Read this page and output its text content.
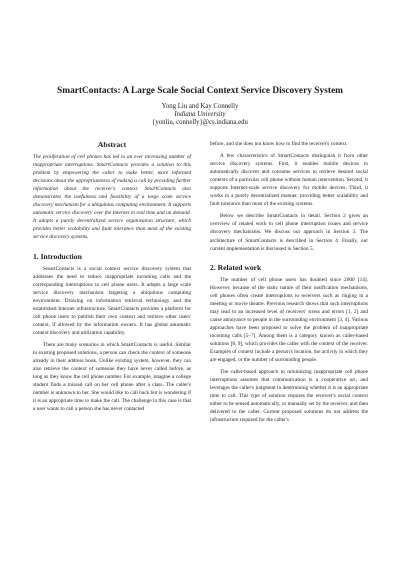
SmartContacts: A Large Scale Social Context Service Discovery System
Yong Liu and Kay Connelly
Indiana University
{yonliu, connelly}@cs.indiana.edu
Abstract
The proliferation of cell phones has led to an ever increasing number of inappropriate interruptions. SmartContacts provides a solution to this problem by empowering the caller to make better, more informed decisions about the appropriateness of making a call by providing further information about the receiver's context. SmartContacts also demonstrates the usefulness and feasibility of a large scale service discovery mechanism for a ubiquitous computing environment. It supports automatic service discovery over the Internet in real time and on demand. It adopts a purely decentralized service organization structure, which provides better scalability and fault tolerance than most of the existing service discovery systems.
1. Introduction
SmartContacts is a social context service discovery system that addresses the need to reduce inappropriate incoming calls and the corresponding interruptions to cell phone users. It adopts a large scale service discovery mechanism targeting a ubiquitous computing environment. Drawing on information retrieval technology and the established Internet infrastructure, SmartContacts provides a platform for cell phone users to publish their own context and retrieve other users' context, if allowed by the information owners. It has global automatic context discovery and utilization capability.
There are many scenarios in which SmartContacts is useful. Similar to existing proposed solutions, a person can check the context of someone already in their address book. Unlike existing system, however, they can also retrieve the context of someone they have never called before, as long as they know the cell phone number. For example, imagine a college student finds a missed call on her cell phone after a class. The caller's number is unknown to her. She would like to call back but is wondering if it is an appropriate time to make the call. The challenge in this case is that a user wants to call a person she has never contacted
before, and she does not know how to find the receiver's context.
A few characteristics of SmartContacts distinguish it from other service discovery systems. First, it enables mobile devices to automatically discover and consume services to retrieve desired social contexts of a particular cell phone without human intervention. Second, it supports Internet-scale service discovery for mobile devices. Third, it works in a purely decentralized manner, providing better scalability and fault tolerance than most of the existing systems.
Below we describe SmartContacts in detail. Section 2 gives an overview of related work in cell phone interruption issues and service discovery mechanisms. We discuss our approach in Section 3. The architecture of SmartContacts is described in Section 4. Finally, our current implementation is discussed in Section 5.
2. Related work
The number of cell phone users has doubled since 2000 [14]. However, because of the static nature of their notification mechanisms, cell phones often create interruptions to receivers such as ringing in a meeting or movie theatre. Previous research shows that such interruptions may lead to an increased level of receivers' stress and errors [1, 2] and cause annoyance to people in the surrounding environment [3, 4]. Various approaches have been proposed to solve the problem of inappropriate incoming calls [5–7]. Among them is a category known as caller-based solutions [8, 9], which provides the caller with the context of the receiver. Examples of context include a person's location, the activity in which they are engaged, or the number of surrounding people.
The caller-based approach to minimizing inappropriate cell phone interruptions assumes that communication is a cooperative act, and leverages the caller's judgment in determining whether it is an appropriate time to call. This type of solution requires the receiver's social context either to be sensed automatically, or manually set by the receiver, and then delivered to the caller. Current proposed solutions do not address the infrastructure required for the caller's
